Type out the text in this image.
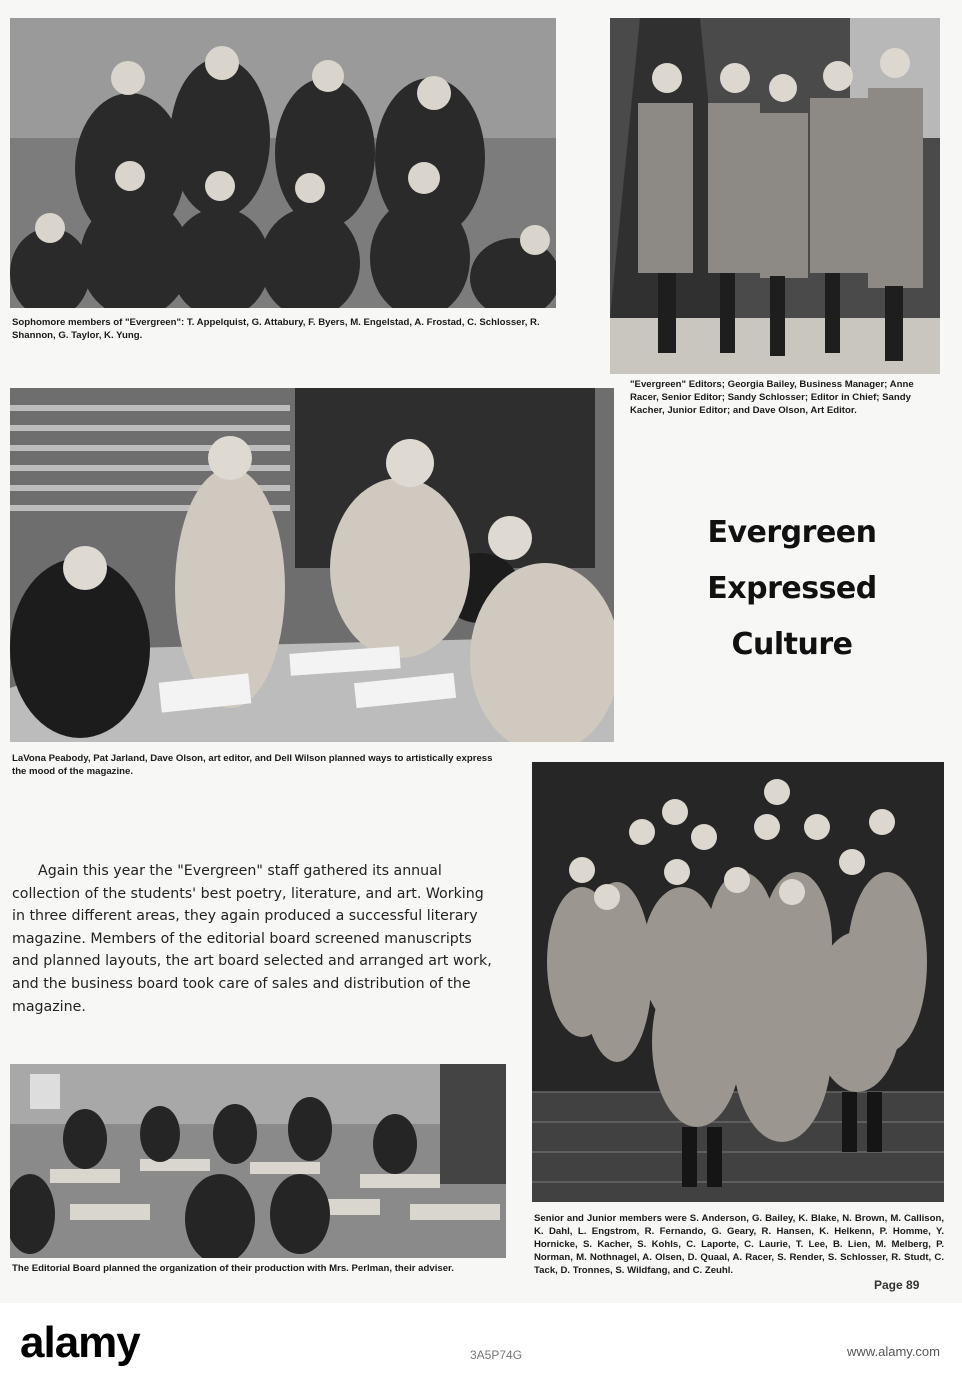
Sophomore members of "Evergreen": T. Appelquist, G. Attabury, F. Byers, M. Engelstad, A. Frostad, C. Schlosser, R. Shannon, G. Taylor, K. Yung.

"Evergreen" Editors; Georgia Bailey, Business Manager; Anne Racer, Senior Editor; Sandy Schlosser; Editor in Chief; Sandy Kacher, Junior Editor; and Dave Olson, Art Editor.

LaVona Peabody, Pat Jarland, Dave Olson, art editor, and Dell Wilson planned ways to artistically express the mood of the magazine.

Evergreen
Expressed
Culture

Again this year the "Evergreen" staff gathered its annual collection of the students' best poetry, literature, and art. Working in three different areas, they again produced a successful literary magazine. Members of the editorial board screened manuscripts and planned layouts, the art board selected and arranged art work, and the business board took care of sales and distribution of the magazine.

Senior and Junior members were S. Anderson, G. Bailey, K. Blake, N. Brown, M. Callison, K. Dahl, L. Engstrom, R. Fernando, G. Geary, R. Hansen, K. Helkenn, P. Homme, Y. Hornicke, S. Kacher, S. Kohls, C. Laporte, C. Laurie, T. Lee, B. Lien, M. Melberg, P. Norman, M. Nothnagel, A. Olsen, D. Quaal, A. Racer, S. Render, S. Schlosser, R. Studt, C. Tack, D. Tronnes, S. Wildfang, and C. Zeuhl.

The Editorial Board planned the organization of their production with Mrs. Perlman, their adviser.

Page 89
alamy	3A5P74G	www.alamy.com
